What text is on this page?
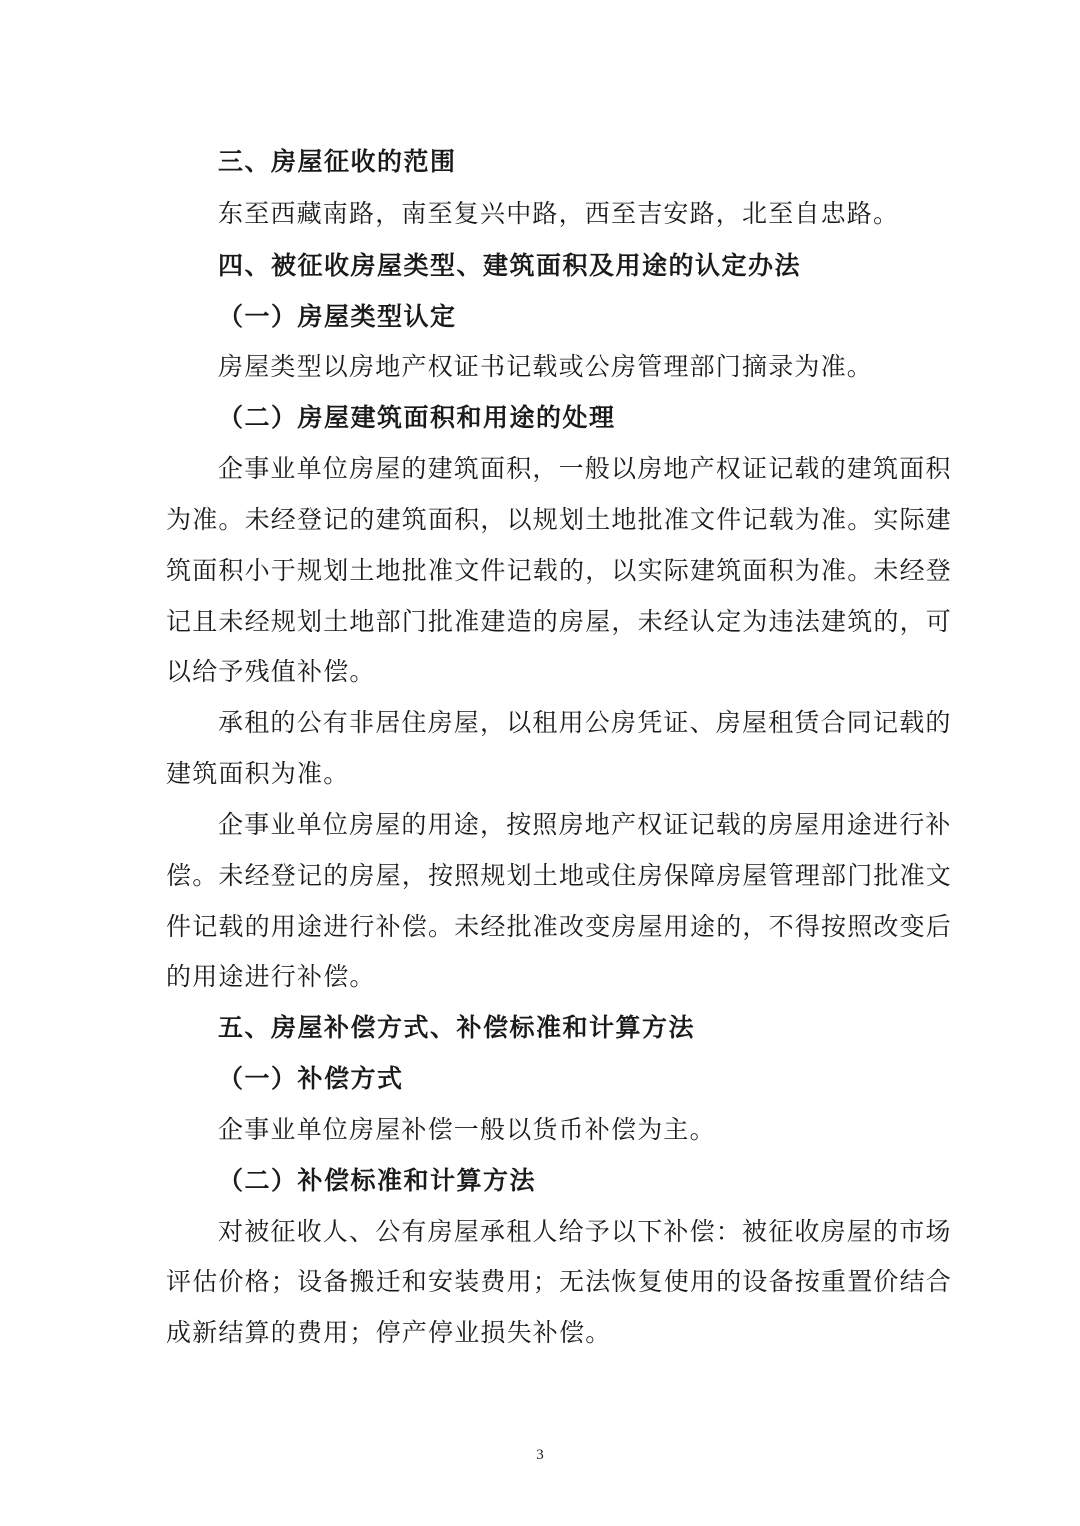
三、房屋征收的范围
东至西藏南路，南至复兴中路，西至吉安路，北至自忠路。
四、被征收房屋类型、建筑面积及用途的认定办法
（一）房屋类型认定
房屋类型以房地产权证书记载或公房管理部门摘录为准。
（二）房屋建筑面积和用途的处理
企事业单位房屋的建筑面积，一般以房地产权证记载的建筑面积
为准。未经登记的建筑面积，以规划土地批准文件记载为准。实际建
筑面积小于规划土地批准文件记载的，以实际建筑面积为准。未经登
记且未经规划土地部门批准建造的房屋，未经认定为违法建筑的，可
以给予残值补偿。
承租的公有非居住房屋，以租用公房凭证、房屋租赁合同记载的
建筑面积为准。
企事业单位房屋的用途，按照房地产权证记载的房屋用途进行补
偿。未经登记的房屋，按照规划土地或住房保障房屋管理部门批准文
件记载的用途进行补偿。未经批准改变房屋用途的，不得按照改变后
的用途进行补偿。
五、房屋补偿方式、补偿标准和计算方法
（一）补偿方式
企事业单位房屋补偿一般以货币补偿为主。
（二）补偿标准和计算方法
对被征收人、公有房屋承租人给予以下补偿：被征收房屋的市场
评估价格；设备搬迁和安装费用；无法恢复使用的设备按重置价结合
成新结算的费用；停产停业损失补偿。
3
